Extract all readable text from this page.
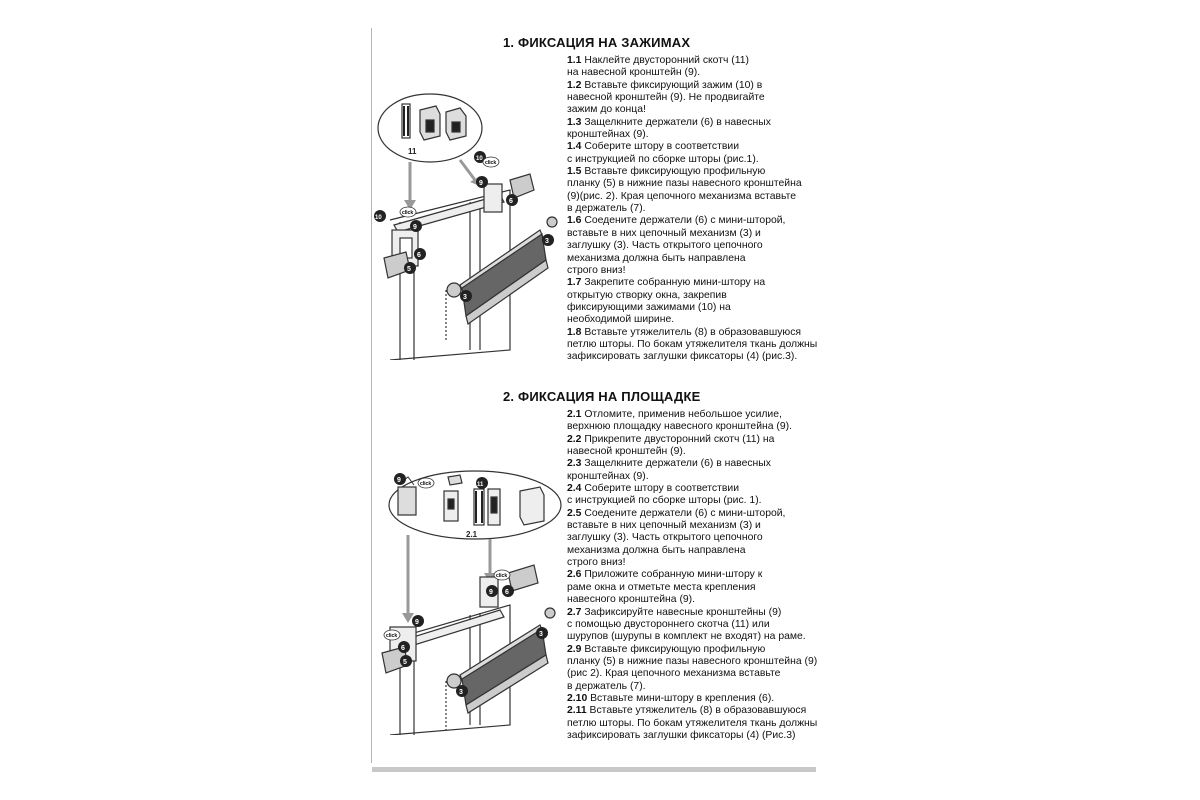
1. ФИКСАЦИЯ НА ЗАЖИМАХ

1.1 Наклейте двусторонний скотч (11)
на навесной кронштейн (9).

1.2 Вставьте фиксирующий зажим (10) в
навесной кронштейн (9). Не продвигайте
зажим до конца!

1.3 Защелкните держатели (6) в навесных
кронштейнах (9).

1.4 Соберите штору в соответствии
с инструкцией по сборке шторы (рис.1).

1.5 Вставьте фиксирующую профильную
планку (5) в нижние пазы навесного кронштейна
(9)(рис. 2). Края цепочного механизма вставьте
в держатель (7).

1.6 Соедените держатели (6) с мини-шторой,
вставьте в них цепочный механизм (3) и
заглушку (3). Часть открытого цепочного
механизма должна быть направлена
строго вниз!

1.7 Закрепите собранную мини-штору на
открытую створку окна, закрепив
фиксирующими зажимами (10) на
необходимой ширине.

1.8 Вставьте утяжелитель (8) в образовавшуюся
петлю шторы. По бокам утяжелителя ткань должны
зафиксировать заглушки фиксаторы (4) (рис.3).

11
10
click
9
6
10
click
9
6
3
5
3
2. ФИКСАЦИЯ НА ПЛОЩАДКЕ

2.1 Отломите, применив небольшое усилие,
верхнюю площадку навесного кронштейна (9).

2.2 Прикрепите двусторонний скотч (11) на
навесной кронштейн (9).

2.3 Защелкните держатели (6) в навесных
кронштейнах (9).

2.4 Соберите штору в соответствии
с инструкцией по сборке шторы (рис. 1).

2.5 Соедените держатели (6) с мини-шторой,
вставьте в них цепочный механизм (3) и
заглушку (3). Часть открытого цепочного
механизма должна быть направлена
строго вниз!

2.6 Приложите собранную мини-штору к
раме окна и отметьте места крепления
навесного кронштейна (9).

2.7 Зафиксируйте навесные кронштейны (9)
с помощью двустороннего скотча (11) или
шурупов (шурупы в комплект не входят) на раме.

2.9 Вставьте фиксирующую профильную
планку (5) в нижние пазы навесного кронштейна (9)
(рис 2). Края цепочного механизма вставьте
в держатель (7).

2.10 Вставьте мини-штору в крепления (6).

2.11 Вставьте утяжелитель (8) в образовавшуюся
петлю шторы. По бокам утяжелителя ткань должны
зафиксировать заглушки фиксаторы (4) (Рис.3)

9	click	11
2.1
click
9 6
9
click
6
5
3
3
